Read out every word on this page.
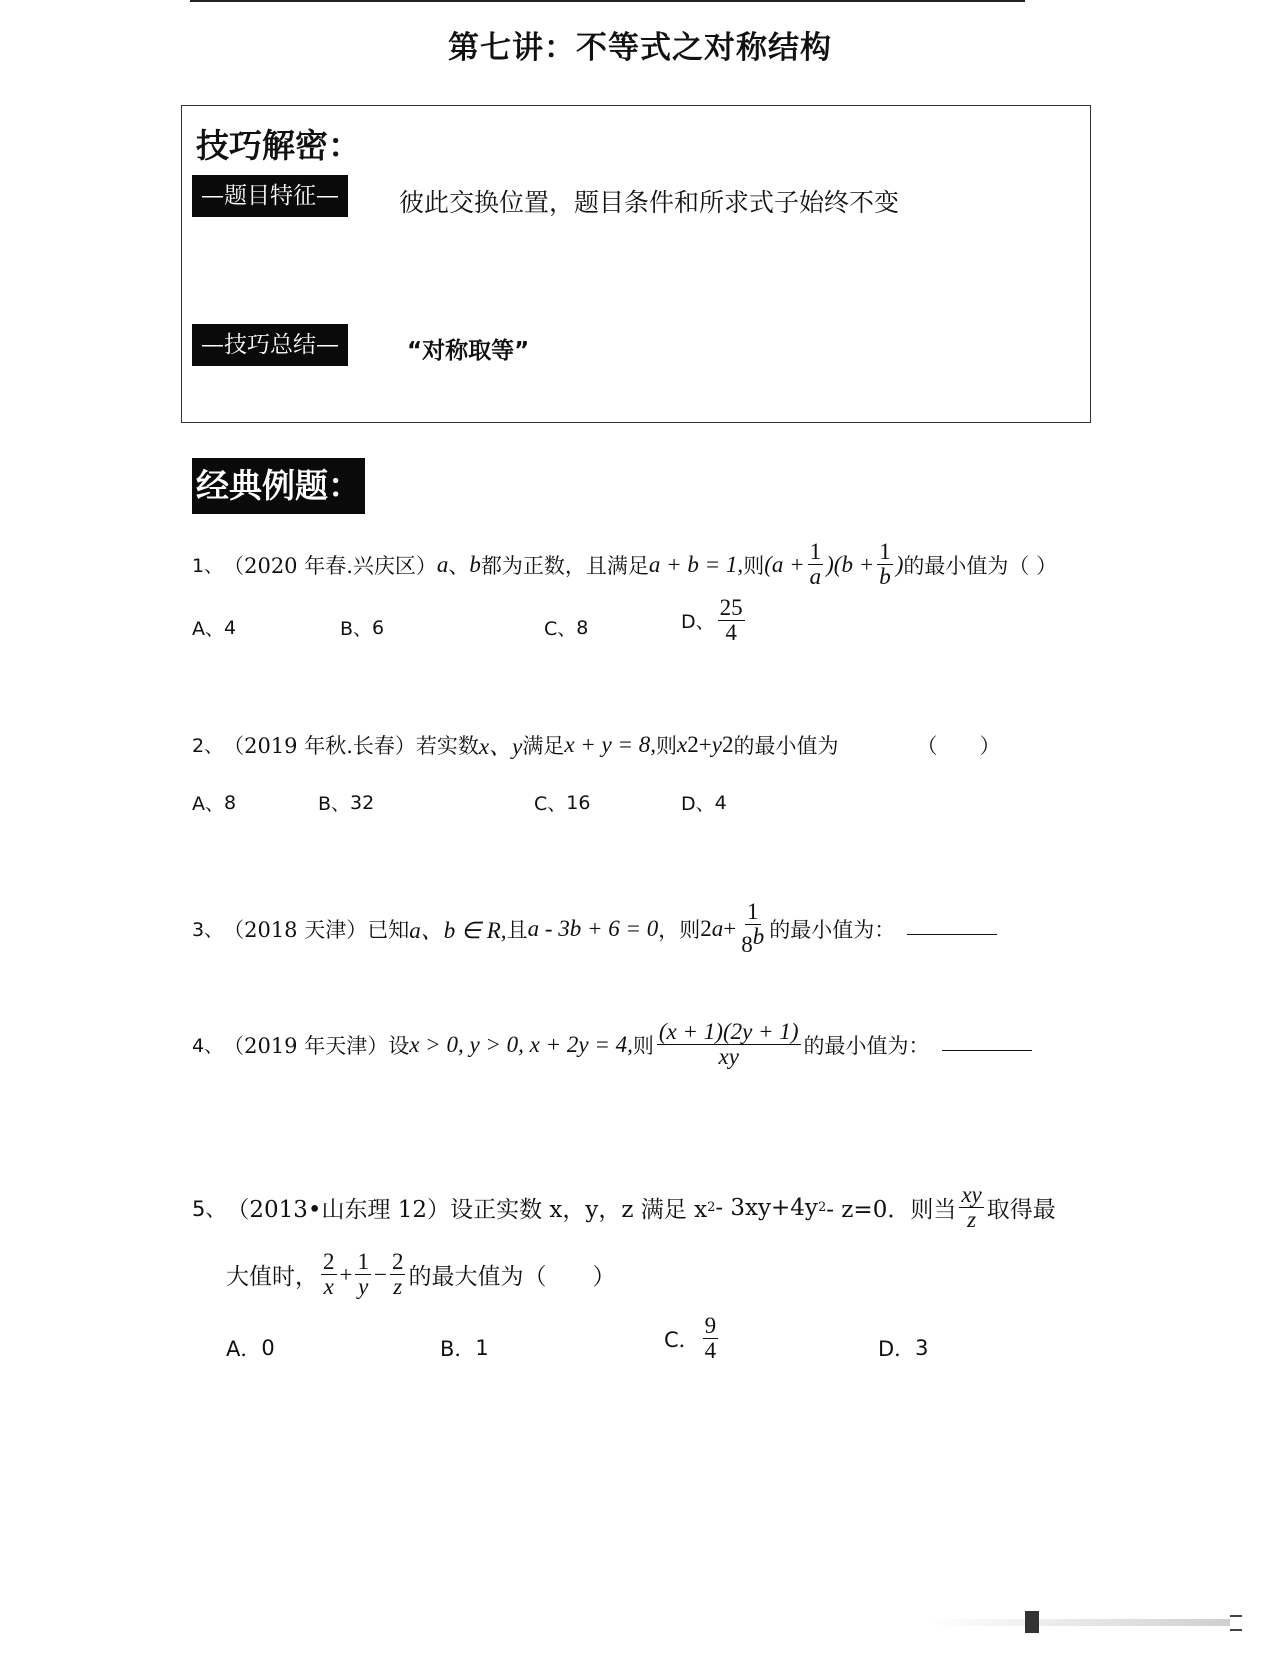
第七讲：不等式之对称结构
技巧解密：
—题目特征—	彼此交换位置，题目条件和所求式子始终不变
—技巧总结—	“对称取等”
经典例题：
1、 （2020 年春.兴庆区） a 、 b 都为正数，且满足 a + b = 1, 则 $(a + \frac{1}{a} )(b + \frac{1}{b}$ ) 的最小值为（ ）
A、 4	B、 6	C、 8	D、 $\frac{25}{4}$
2、 （2019 年秋.长春） 若实数 x、y 满足 x + y = 8, 则 x 2 + y 2 的最小值为	（　　）
A、 8	B、 32	C、 16	D、 4
3、 （2018 天津） 已知 a、b ∈ R, 且 a - 3b + 6 = 0 ，则 2 $a + \frac{1}{8^b}$ 的最小值为：
4、 （2019 年天津） 设 x > 0, y > 0, x + 2y = 4, 则 $\frac{(x + 1)(2y + 1)}{xy}$ 的最小值为：
5、 （2013•山东理 12） 设正实数 x，y，z 满足 x 2 - 3xy+4y 2 - z=0．则当 $\frac{xy}{z}$ 取得最
大值时， $\frac{2}{x} + \frac{1}{y} - \frac{2}{z}$ 的最大值为（　　）
A． 0	B． 1	C． $\frac{9}{4}$	D． 3
